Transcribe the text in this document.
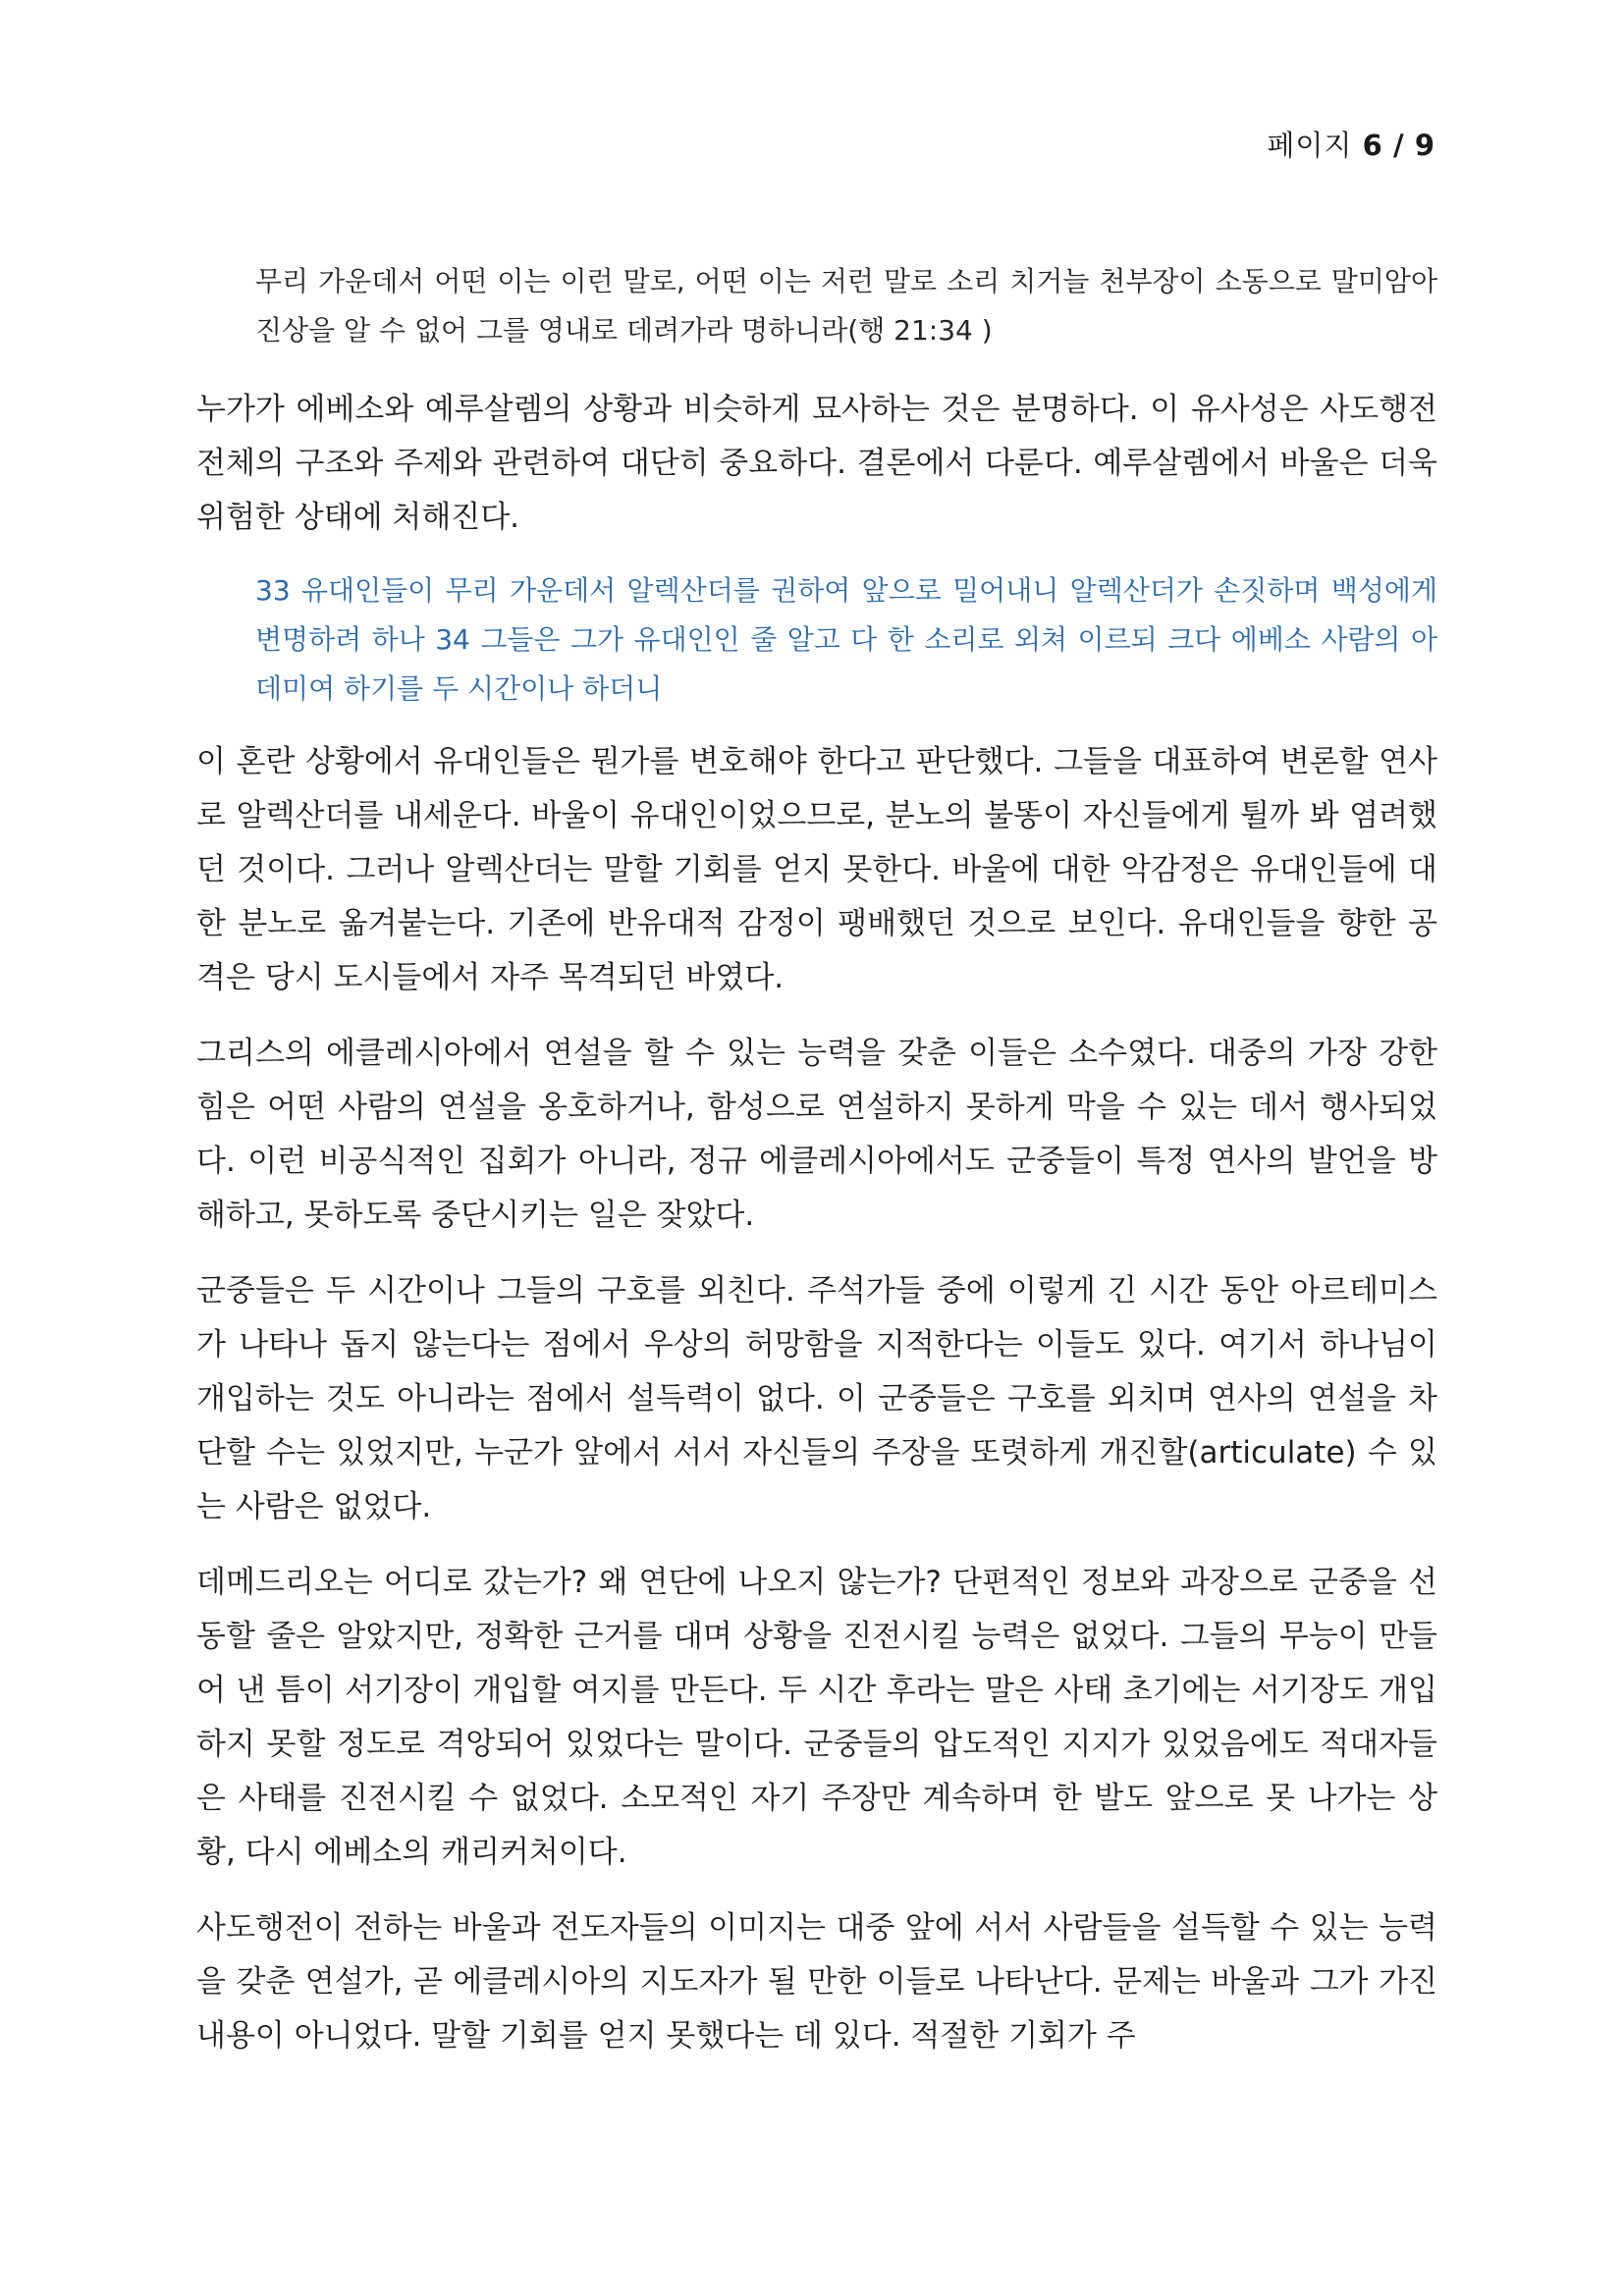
페이지 6 / 9

무리 가운데서 어떤 이는 이런 말로, 어떤 이는 저런 말로 소리 치거늘 천부장이 소동으로 말미암아 진상을 알 수 없어 그를 영내로 데려가라 명하니라(행 21:34 )

누가가 에베소와 예루살렘의 상황과 비슷하게 묘사하는 것은 분명하다. 이 유사성은 사도행전 전체의 구조와 주제와 관련하여 대단히 중요하다. 결론에서 다룬다. 예루살렘에서 바울은 더욱 위험한 상태에 처해진다.

33 유대인들이 무리 가운데서 알렉산더를 권하여 앞으로 밀어내니 알렉산더가 손짓하며 백성에게 변명하려 하나 34 그들은 그가 유대인인 줄 알고 다 한 소리로 외쳐 이르되 크다 에베소 사람의 아데미여 하기를 두 시간이나 하더니

이 혼란 상황에서 유대인들은 뭔가를 변호해야 한다고 판단했다. 그들을 대표하여 변론할 연사로 알렉산더를 내세운다. 바울이 유대인이었으므로, 분노의 불똥이 자신들에게 튈까 봐 염려했던 것이다. 그러나 알렉산더는 말할 기회를 얻지 못한다. 바울에 대한 악감정은 유대인들에 대한 분노로 옮겨붙는다. 기존에 반유대적 감정이 팽배했던 것으로 보인다. 유대인들을 향한 공격은 당시 도시들에서 자주 목격되던 바였다.

그리스의 에클레시아에서 연설을 할 수 있는 능력을 갖춘 이들은 소수였다. 대중의 가장 강한 힘은 어떤 사람의 연설을 옹호하거나, 함성으로 연설하지 못하게 막을 수 있는 데서 행사되었다. 이런 비공식적인 집회가 아니라, 정규 에클레시아에서도 군중들이 특정 연사의 발언을 방해하고, 못하도록 중단시키는 일은 잦았다.

군중들은 두 시간이나 그들의 구호를 외친다. 주석가들 중에 이렇게 긴 시간 동안 아르테미스가 나타나 돕지 않는다는 점에서 우상의 허망함을 지적한다는 이들도 있다. 여기서 하나님이 개입하는 것도 아니라는 점에서 설득력이 없다. 이 군중들은 구호를 외치며 연사의 연설을 차단할 수는 있었지만, 누군가 앞에서 서서 자신들의 주장을 또렷하게 개진할(articulate) 수 있는 사람은 없었다.

데메드리오는 어디로 갔는가? 왜 연단에 나오지 않는가? 단편적인 정보와 과장으로 군중을 선동할 줄은 알았지만, 정확한 근거를 대며 상황을 진전시킬 능력은 없었다. 그들의 무능이 만들어 낸 틈이 서기장이 개입할 여지를 만든다. 두 시간 후라는 말은 사태 초기에는 서기장도 개입하지 못할 정도로 격앙되어 있었다는 말이다. 군중들의 압도적인 지지가 있었음에도 적대자들은 사태를 진전시킬 수 없었다. 소모적인 자기 주장만 계속하며 한 발도 앞으로 못 나가는 상황, 다시 에베소의 캐리커처이다.

사도행전이 전하는 바울과 전도자들의 이미지는 대중 앞에 서서 사람들을 설득할 수 있는 능력을 갖춘 연설가, 곧 에클레시아의 지도자가 될 만한 이들로 나타난다. 문제는 바울과 그가 가진 내용이 아니었다. 말할 기회를 얻지 못했다는 데 있다. 적절한 기회가 주
